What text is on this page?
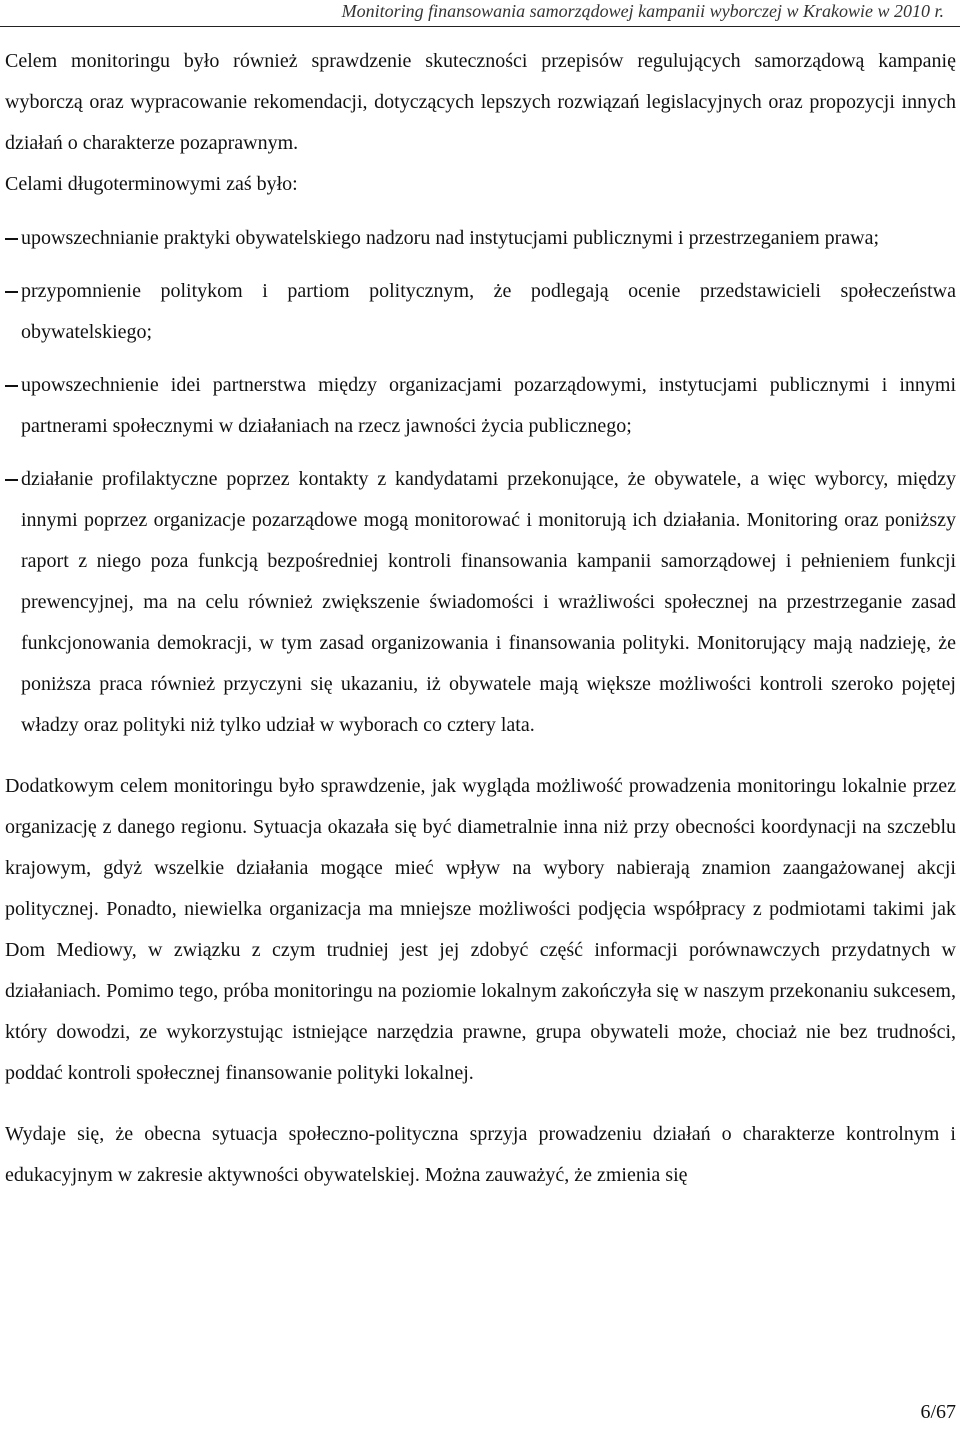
Monitoring finansowania samorządowej kampanii wyborczej w Krakowie w 2010 r.

Celem monitoringu było również sprawdzenie skuteczności przepisów regulujących samorządową kampanię wyborczą oraz wypracowanie rekomendacji, dotyczących lepszych rozwiązań legislacyjnych oraz propozycji innych działań o charakterze pozaprawnym.

Celami długoterminowymi zaś było:

upowszechnianie praktyki obywatelskiego nadzoru nad instytucjami publicznymi i przestrzeganiem prawa;
przypomnienie politykom i partiom politycznym, że podlegają ocenie przedstawicieli społeczeństwa obywatelskiego;
upowszechnienie idei partnerstwa między organizacjami pozarządowymi, instytucjami publicznymi i innymi partnerami społecznymi w działaniach na rzecz jawności życia publicznego;
działanie profilaktyczne poprzez kontakty z kandydatami przekonujące, że obywatele, a więc wyborcy, między innymi poprzez organizacje pozarządowe mogą monitorować i monitorują ich działania. Monitoring oraz poniższy raport z niego poza funkcją bezpośredniej kontroli finansowania kampanii samorządowej i pełnieniem funkcji prewencyjnej, ma na celu również zwiększenie świadomości i wrażliwości społecznej na przestrzeganie zasad funkcjonowania demokracji, w tym zasad organizowania i finansowania polityki. Monitorujący mają nadzieję, że poniższa praca również przyczyni się ukazaniu, iż obywatele mają większe możliwości kontroli szeroko pojętej władzy oraz polityki niż tylko udział w wyborach co cztery lata.

Dodatkowym celem monitoringu było sprawdzenie, jak wygląda możliwość prowadzenia monitoringu lokalnie przez organizację z danego regionu. Sytuacja okazała się być diametralnie inna niż przy obecności koordynacji na szczeblu krajowym, gdyż wszelkie działania mogące mieć wpływ na wybory nabierają znamion zaangażowanej akcji politycznej. Ponadto, niewielka organizacja ma mniejsze możliwości podjęcia współpracy z podmiotami takimi jak Dom Mediowy, w związku z czym trudniej jest jej zdobyć część informacji porównawczych przydatnych w działaniach. Pomimo tego, próba monitoringu na poziomie lokalnym zakończyła się w naszym przekonaniu sukcesem, który dowodzi, ze wykorzystując istniejące narzędzia prawne, grupa obywateli może, chociaż nie bez trudności, poddać kontroli społecznej finansowanie polityki lokalnej.

Wydaje się, że obecna sytuacja społeczno-polityczna sprzyja prowadzeniu działań o charakterze kontrolnym i edukacyjnym w zakresie aktywności obywatelskiej. Można zauważyć, że zmienia się

6/67
